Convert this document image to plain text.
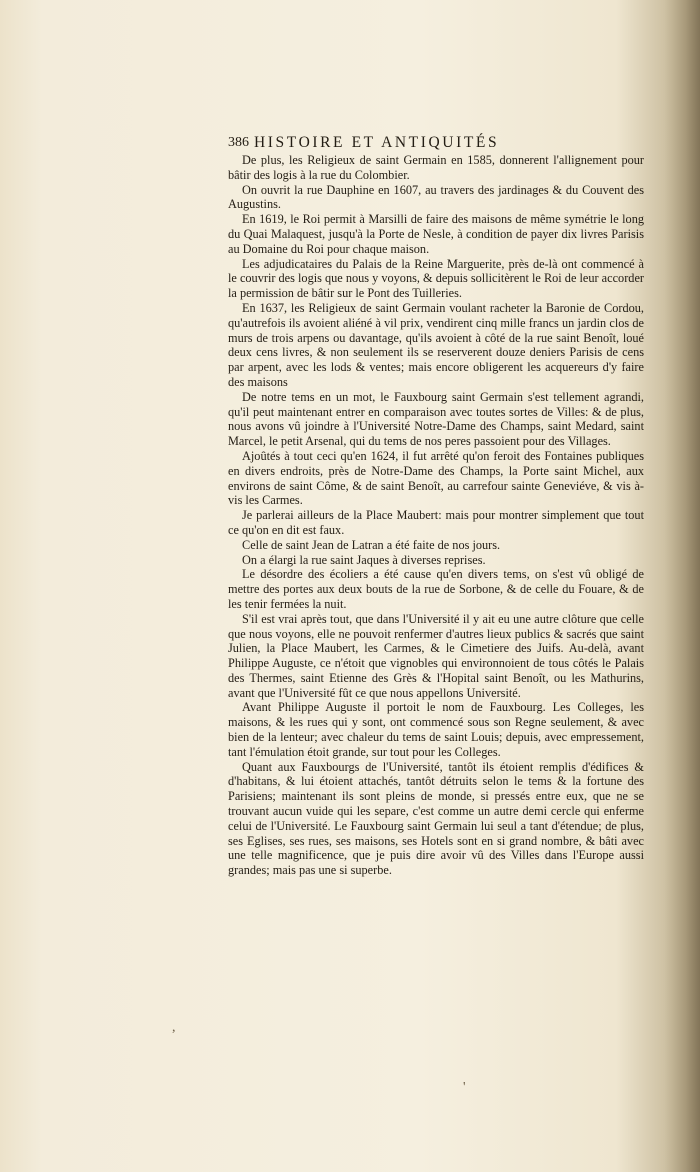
386 HISTOIRE ET ANTIQUITÉS

De plus, les Religieux de saint Germain en 1585, donnerent l'allignement pour bâtir des logis à la rue du Colombier.

On ouvrit la rue Dauphine en 1607, au travers des jardinages & du Couvent des Augustins.

En 1619, le Roi permit à Marsilli de faire des maisons de même symétrie le long du Quai Malaquest, jusqu'à la Porte de Nesle, à condition de payer dix livres Parisis au Domaine du Roi pour chaque maison.

Les adjudicataires du Palais de la Reine Marguerite, près de-là ont commencé à le couvrir des logis que nous y voyons, & depuis sollicitèrent le Roi de leur accorder la permission de bâtir sur le Pont des Tuilleries.

En 1637, les Religieux de saint Germain voulant racheter la Baronie de Cordou, qu'autrefois ils avoient aliéné à vil prix, vendirent cinq mille francs un jardin clos de murs de trois arpens ou davantage, qu'ils avoient à côté de la rue saint Benoît, loué deux cens livres, & non seulement ils se reserverent douze deniers Parisis de cens par arpent, avec les lods & ventes; mais encore obligerent les acquereurs d'y faire des maisons

De notre tems en un mot, le Fauxbourg saint Germain s'est tellement agrandi, qu'il peut maintenant entrer en comparaison avec toutes sortes de Villes: & de plus, nous avons vû joindre à l'Université Notre-Dame des Champs, saint Medard, saint Marcel, le petit Arsenal, qui du tems de nos peres passoient pour des Villages.

Ajoûtés à tout ceci qu'en 1624, il fut arrêté qu'on feroit des Fontaines publiques en divers endroits, près de Notre-Dame des Champs, la Porte saint Michel, aux environs de saint Côme, & de saint Benoît, au carrefour sainte Geneviéve, & vis à-vis les Carmes.

Je parlerai ailleurs de la Place Maubert: mais pour montrer simplement que tout ce qu'on en dit est faux.

Celle de saint Jean de Latran a été faite de nos jours.

On a élargi la rue saint Jaques à diverses reprises.

Le désordre des écoliers a été cause qu'en divers tems, on s'est vû obligé de mettre des portes aux deux bouts de la rue de Sorbone, & de celle du Fouare, & de les tenir fermées la nuit.

S'il est vrai après tout, que dans l'Université il y ait eu une autre clôture que celle que nous voyons, elle ne pouvoit renfermer d'autres lieux publics & sacrés que saint Julien, la Place Maubert, les Carmes, & le Cimetiere des Juifs. Au-delà, avant Philippe Auguste, ce n'étoit que vignobles qui environnoient de tous côtés le Palais des Thermes, saint Etienne des Grès & l'Hopital saint Benoît, ou les Mathurins, avant que l'Université fût ce que nous appellons Université.

Avant Philippe Auguste il portoit le nom de Fauxbourg. Les Colleges, les maisons, & les rues qui y sont, ont commencé sous son Regne seulement, & avec bien de la lenteur; avec chaleur du tems de saint Louis; depuis, avec empressement, tant l'émulation étoit grande, sur tout pour les Colleges.

Quant aux Fauxbourgs de l'Université, tantôt ils étoient remplis d'édifices & d'habitans, & lui étoient attachés, tantôt détruits selon le tems & la fortune des Parisiens; maintenant ils sont pleins de monde, si pressés entre eux, que ne se trouvant aucun vuide qui les separe, c'est comme un autre demi cercle qui enferme celui de l'Université. Le Fauxbourg saint Germain lui seul a tant d'étendue; de plus, ses Eglises, ses rues, ses maisons, ses Hotels sont en si grand nombre, & bâti avec une telle magnificence, que je puis dire avoir vû des Villes dans l'Europe aussi grandes; mais pas une si superbe.

,
'
